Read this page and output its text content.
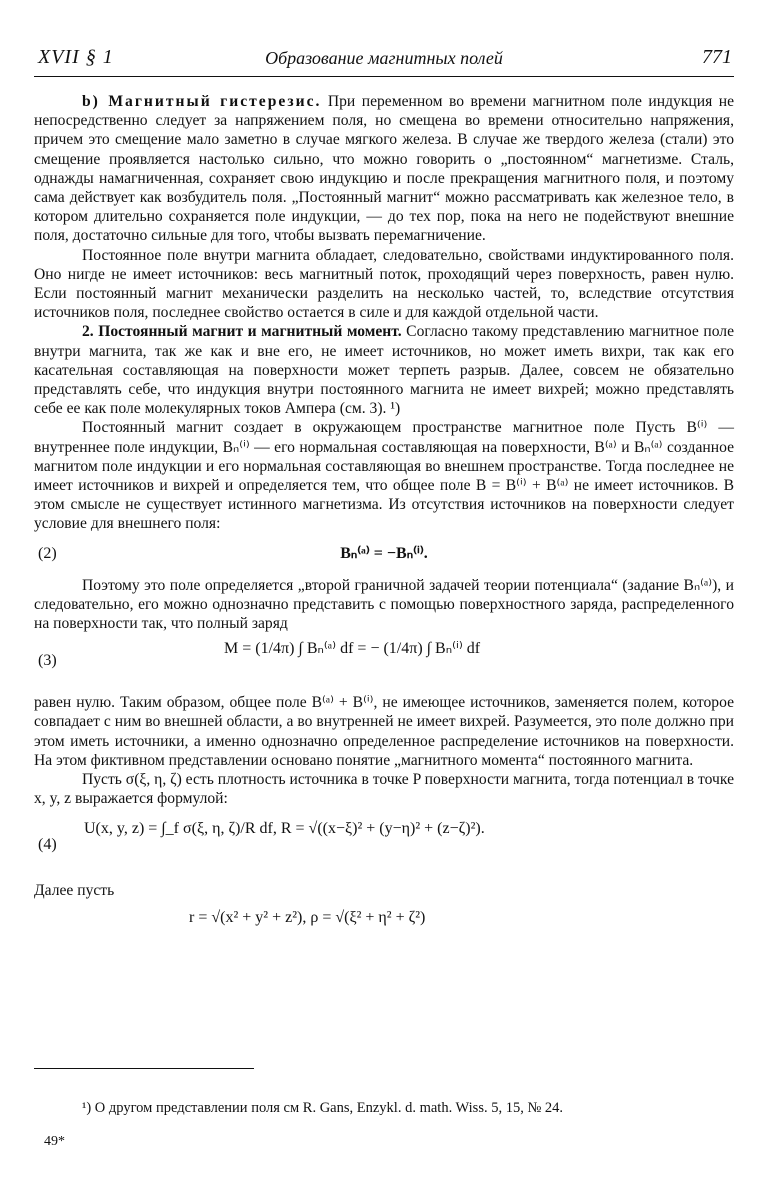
XVII § 1	Образование магнитных полей	771

b) Магнитный гистерезис. При переменном во времени магнитном поле индукция не непосредственно следует за напряжением поля, но смещена во времени относительно напряжения, причем это смещение мало заметно в случае мягкого железа. В случае же твердого железа (стали) это смещение проявляется настолько сильно, что можно говорить о „постоянном“ магнетизме. Сталь, однажды намагниченная, сохраняет свою индукцию и после прекращения магнитного поля, и поэтому сама действует как возбудитель поля. „Постоянный магнит“ можно рассматривать как железное тело, в котором длительно сохраняется поле индукции, — до тех пор, пока на него не подействуют внешние поля, достаточно сильные для того, чтобы вызвать перемагничение.

Постоянное поле внутри магнита обладает, следовательно, свойствами индуктированного поля. Оно нигде не имеет источников: весь магнитный поток, проходящий через поверхность, равен нулю. Если постоянный магнит механически разделить на несколько частей, то, вследствие отсутствия источников поля, последнее свойство остается в силе и для каждой отдельной части.

2. Постоянный магнит и магнитный момент. Согласно такому представлению магнитное поле внутри магнита, так же как и вне его, не имеет источников, но может иметь вихри, так как его касательная составляющая на поверхности может терпеть разрыв. Далее, совсем не обязательно представлять себе, что индукция внутри постоянного магнита не имеет вихрей; можно представлять себе ее как поле молекулярных токов Ампера (см. 3). ¹)

Постоянный магнит создает в окружающем пространстве магнитное поле Пусть B⁽ⁱ⁾ — внутреннее поле индукции, Bₙ⁽ⁱ⁾ — его нормальная составляющая на поверхности, B⁽ᵃ⁾ и Bₙ⁽ᵃ⁾ созданное магнитом поле индукции и его нормальная составляющая во внешнем пространстве. Тогда последнее не имеет источников и вихрей и определяется тем, что общее поле B = B⁽ⁱ⁾ + B⁽ᵃ⁾ не имеет источников. В этом смысле не существует истинного магнетизма. Из отсутствия источников на поверхности следует условие для внешнего поля:

(2)	Bₙ⁽ᵃ⁾ = −Bₙ⁽ⁱ⁾.

Поэтому это поле определяется „второй граничной задачей теории потенциала“ (задание Bₙ⁽ᵃ⁾), и следовательно, его можно однозначно представить с помощью поверхностного заряда, распределенного на поверхности так, что полный заряд

(3)
M = (1/4π) ∫ Bₙ⁽ᵃ⁾ df = − (1/4π) ∫ Bₙ⁽ⁱ⁾ df

равен нулю. Таким образом, общее поле B⁽ᵃ⁾ + B⁽ⁱ⁾, не имеющее источников, заменяется полем, которое совпадает с ним во внешней области, а во внутренней не имеет вихрей. Разумеется, это поле должно при этом иметь источники, а именно однозначно определенное распределение источников на поверхности. На этом фиктивном представлении основано понятие „магнитного момента“ постоянного магнита.

Пусть σ(ξ, η, ζ) есть плотность источника в точке P поверхности магнита, тогда потенциал в точке x, y, z выражается формулой:

(4)
U(x, y, z) = ∫_f σ(ξ, η, ζ)/R df, R = √((x−ξ)² + (y−η)² + (z−ζ)²).

Далее пусть

r = √(x² + y² + z²), ρ = √(ξ² + η² + ζ²)
¹) О другом представлении поля см R. Gans, Enzykl. d. math. Wiss. 5, 15, № 24.
49*
